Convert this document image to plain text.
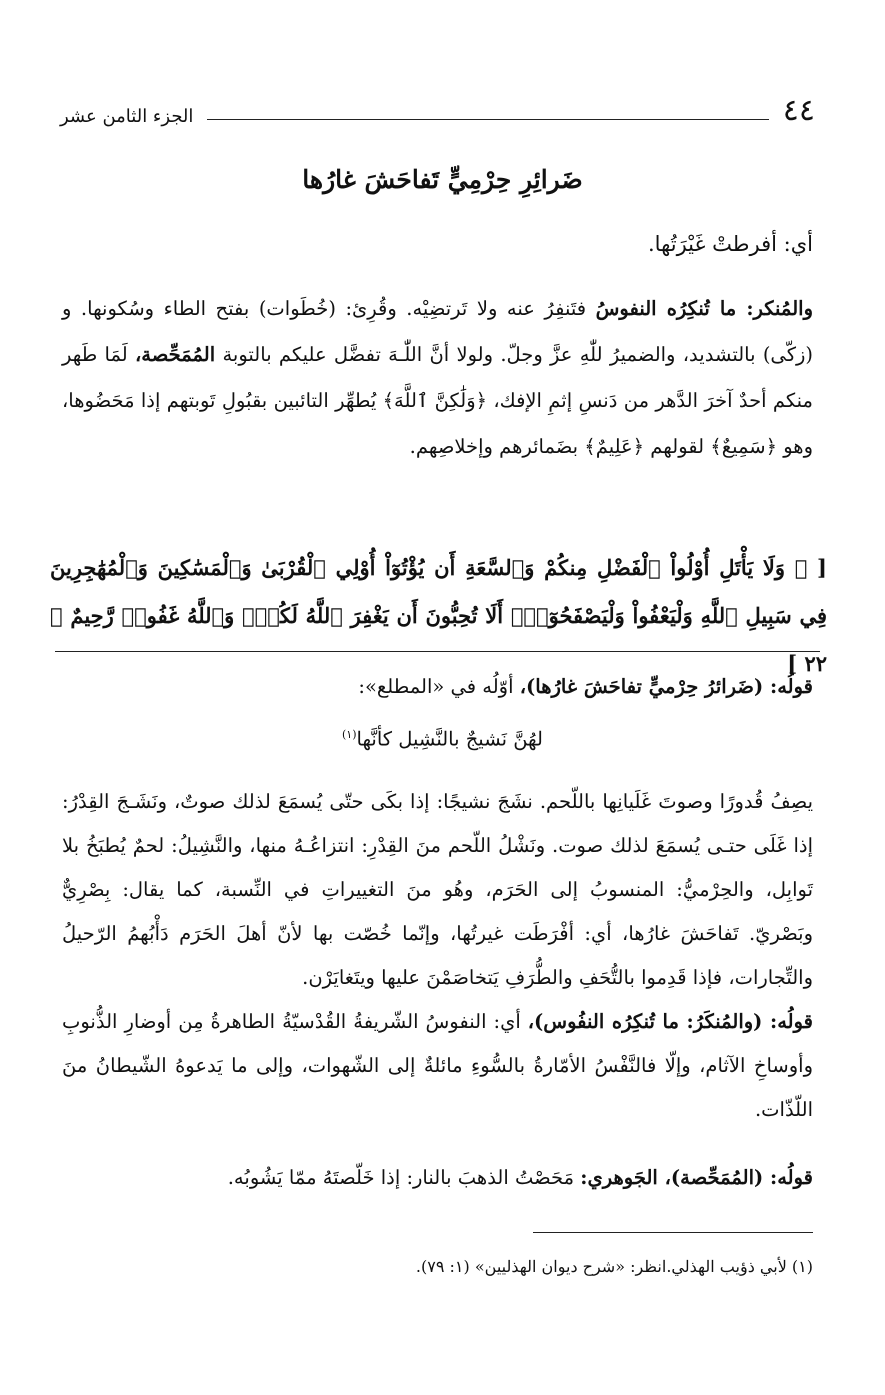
٤٤
الجزء الثامن عشر
ضَرائِرِ حِرْمِيٍّ تَفاحَشَ غارُها

أي: أفرطتْ غَيْرَتُها.

والمُنكر: ما تُنكِرُه النفوسُ فتَنفِرُ عنه ولا تَرتضِيْه. وقُرِئ: (خُطَوات) بفتح الطاء وسُكونها. و (زكّى) بالتشديد، والضميرُ للّٰهِ عزَّ وجلّ. ولولا أنَّ اللّٰـهَ تفضَّل عليكم بالتوبة المُمَحِّصة، لَمَا طَهر منكم أحدٌ آخرَ الدَّهر من دَنسِ إثمِ الإفك، ﴿وَلَٰكِنَّ ٱللَّهَ﴾ يُطهِّر التائبين بقبُولِ تَوبتهم إذا مَحَضُوها، وهو ﴿سَمِيعٌ﴾ لقولهم ﴿عَلِيمٌ﴾ بضَمائرهم وإخلاصِهم.

[ ﴿ وَلَا يَأْتَلِ أُوْلُواْ ٱلْفَضْلِ مِنكُمْ وَٱلسَّعَةِ أَن يُؤْتُوٓاْ أُوْلِي ٱلْقُرْبَىٰ وَٱلْمَسَٰكِينَ وَٱلْمُهَٰجِرِينَ فِي سَبِيلِ ٱللَّهِ وَلْيَعْفُواْ وَلْيَصْفَحُوٓاْۗ أَلَا تُحِبُّونَ أَن يَغْفِرَ ٱللَّهُ لَكُمْۚ وَٱللَّهُ غَفُورٞ رَّحِيمٌ ﴾ ٢٢ ]

قولُه: (ضَرائرُ حِرْميٍّ تفاحَشَ غارُها)، أوّلُه في «المطلع»:

لهُنَّ نَشيجٌ بالنَّشِيل كأنَّها$^{(١)}$

يصِفُ قُدورًا وصوتَ غَلَيانِها باللّحم. نشَجَ نشيجًا: إذا بكَى حتّى يُسمَعَ لذلك صوتٌ، ونَشَـجَ القِدْرُ: إذا غَلَى حتـى يُسمَعَ لذلك صوت. ونَشْلُ اللّحم منَ القِدْرِ: انتزاعُـهُ منها، والنَّشِيلُ: لحمٌ يُطبَخُ بلا تَوابِل، والحِرْميُّ: المنسوبُ إلى الحَرَم، وهُو منَ التغييراتِ في النِّسبة، كما يقال: بِصْرِيٌّ وبَصْريّ. تَفاحَشَ غارُها، أي: أفْرَطَت غيرتُها، وإنّما خُصّت بها لأنّ أهلَ الحَرَم دَأْبُهمُ الرّحيلُ والتِّجارات، فإذا قَدِموا بالتُّحَفِ والطُّرَفِ يَتخاصَمْنَ عليها ويتَغايَرْن.

قولُه: (والمُنكَرُ: ما تُنكِرُه النفُوس)، أي: النفوسُ الشّريفةُ القُدْسيّةُ الطاهرةُ مِن أوضارِ الذُّنوبِ وأوساخِ الآثام، وإلّا فالنَّفْسُ الأمّارةُ بالسُّوءِ مائلةٌ إلى الشّهوات، وإلى ما يَدعوهُ الشّيطانُ منَ اللّذّات.

قولُه: (المُمَحِّصة)، الجَوهري: مَحَصْتُ الذهبَ بالنار: إذا خَلّصتَهُ ممّا يَشُوبُه.

(١) لأبي ذؤيب الهذلي.انظر: «شرح ديوان الهذليين» (١: ٧٩).
